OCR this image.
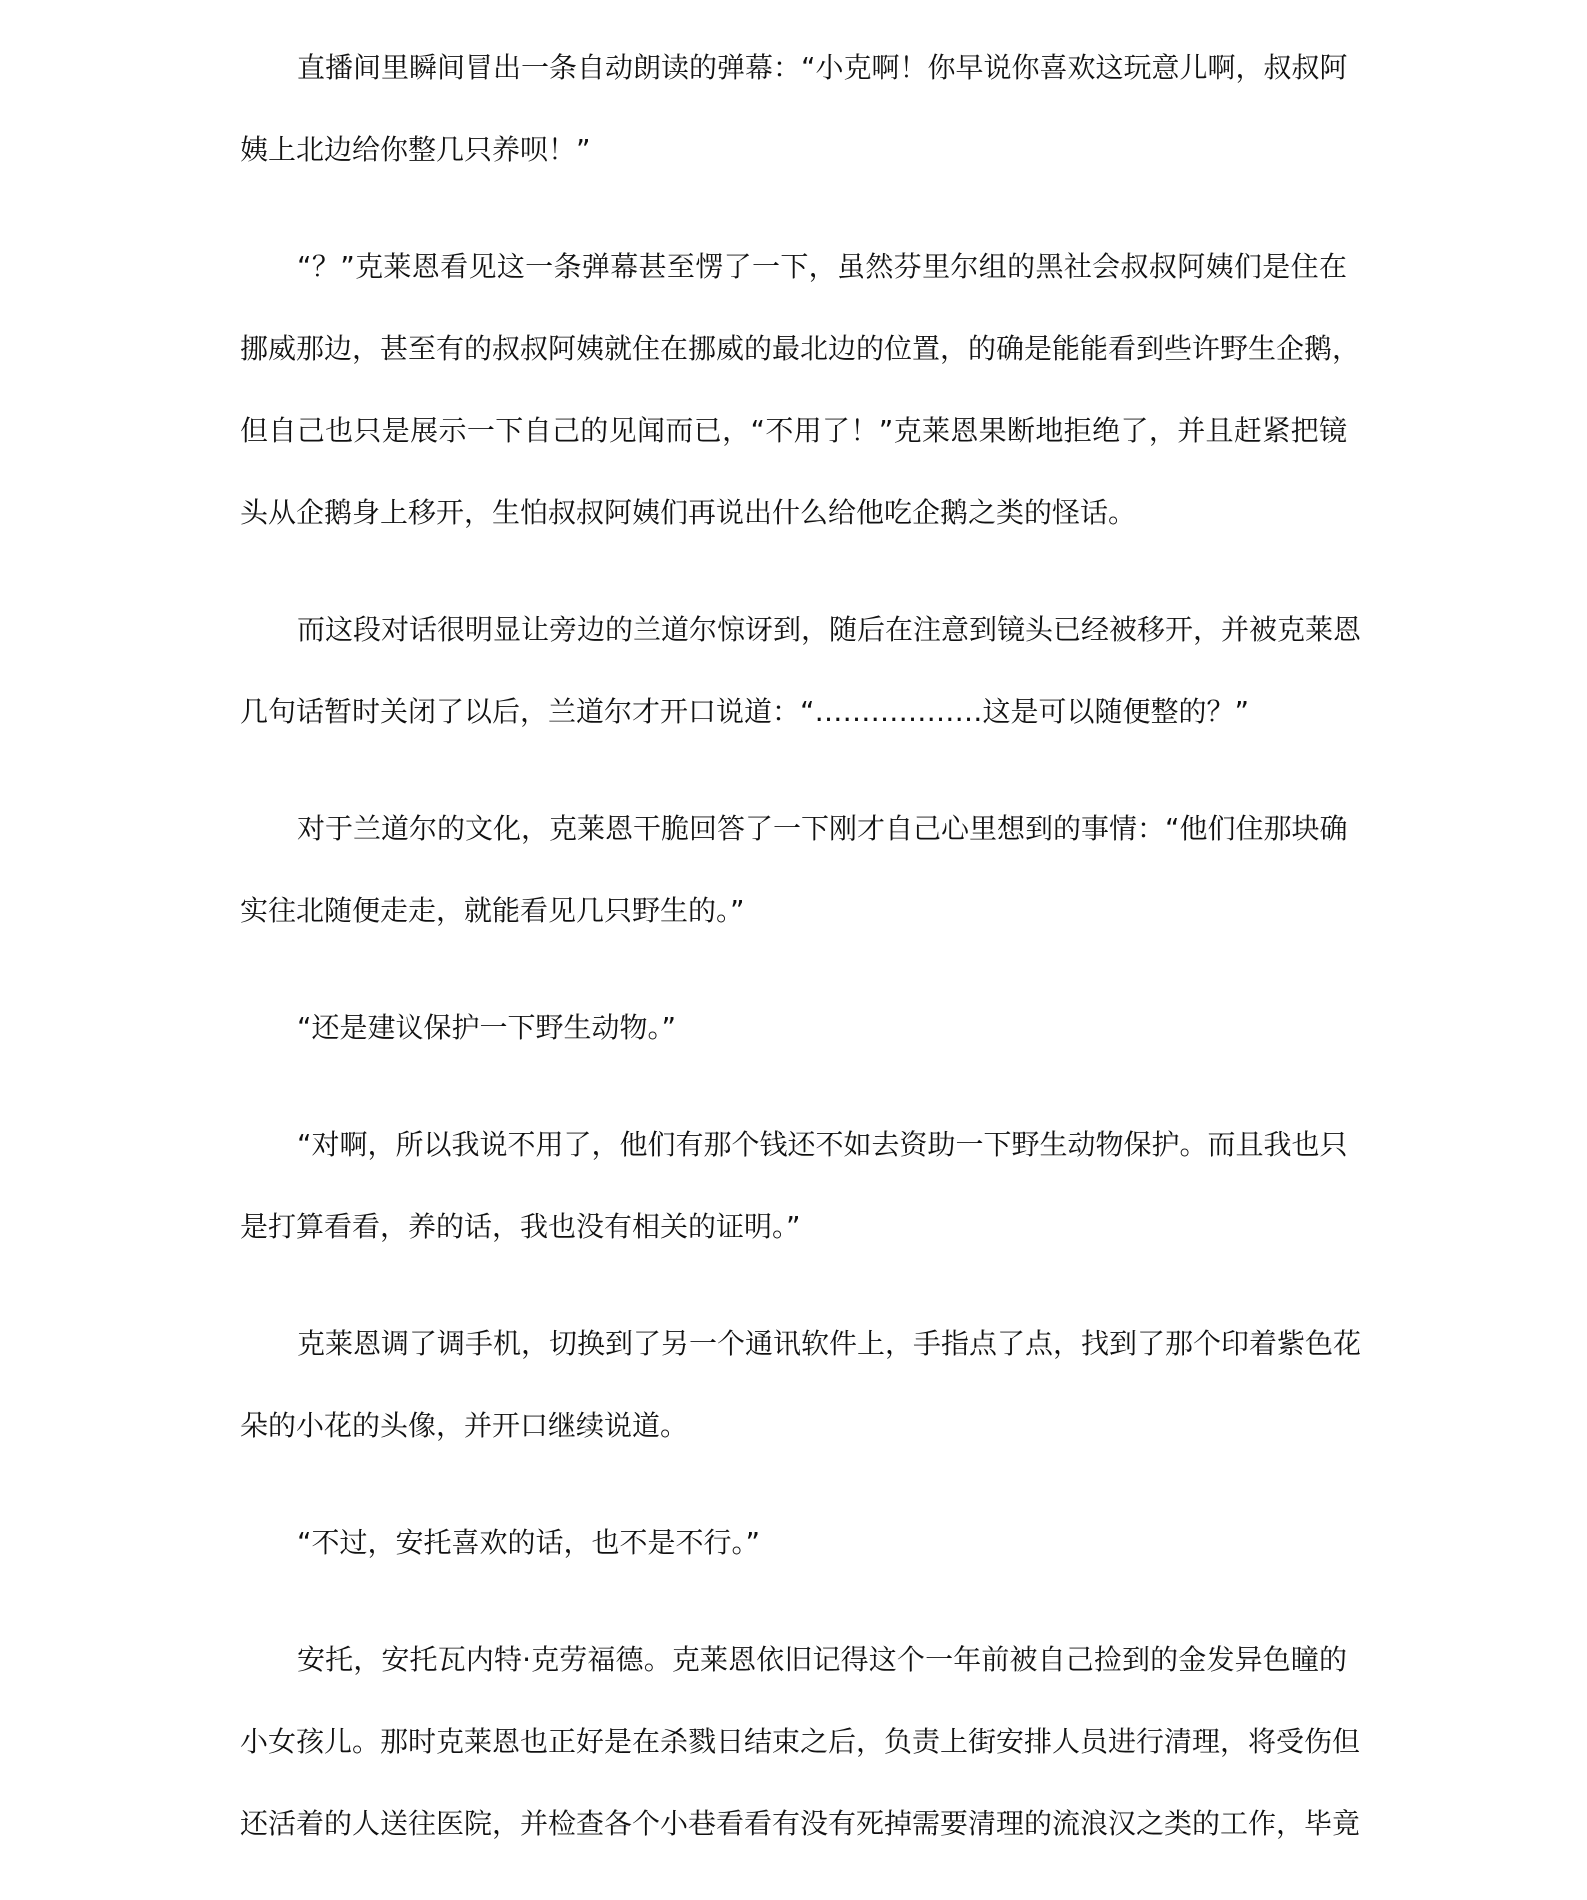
直播间里瞬间冒出一条自动朗读的弹幕：“小克啊！你早说你喜欢这玩意儿啊，叔叔阿
姨上北边给你整几只养呗！”
“？”克莱恩看见这一条弹幕甚至愣了一下，虽然芬里尔组的黑社会叔叔阿姨们是住在
挪威那边，甚至有的叔叔阿姨就住在挪威的最北边的位置，的确是能能看到些许野生企鹅，
但自己也只是展示一下自己的见闻而已，“不用了！”克莱恩果断地拒绝了，并且赶紧把镜
头从企鹅身上移开，生怕叔叔阿姨们再说出什么给他吃企鹅之类的怪话。
而这段对话很明显让旁边的兰道尔惊讶到，随后在注意到镜头已经被移开，并被克莱恩
几句话暂时关闭了以后，兰道尔才开口说道：“………………这是可以随便整的？”
对于兰道尔的文化，克莱恩干脆回答了一下刚才自己心里想到的事情：“他们住那块确
实往北随便走走，就能看见几只野生的。”
“还是建议保护一下野生动物。”
“对啊，所以我说不用了，他们有那个钱还不如去资助一下野生动物保护。而且我也只
是打算看看，养的话，我也没有相关的证明。”
克莱恩调了调手机，切换到了另一个通讯软件上，手指点了点，找到了那个印着紫色花
朵的小花的头像，并开口继续说道。
“不过，安托喜欢的话，也不是不行。”
安托，安托瓦内特·克劳福德。克莱恩依旧记得这个一年前被自己捡到的金发异色瞳的
小女孩儿。那时克莱恩也正好是在杀戮日结束之后，负责上街安排人员进行清理，将受伤但
还活着的人送往医院，并检查各个小巷看看有没有死掉需要清理的流浪汉之类的工作，毕竟
